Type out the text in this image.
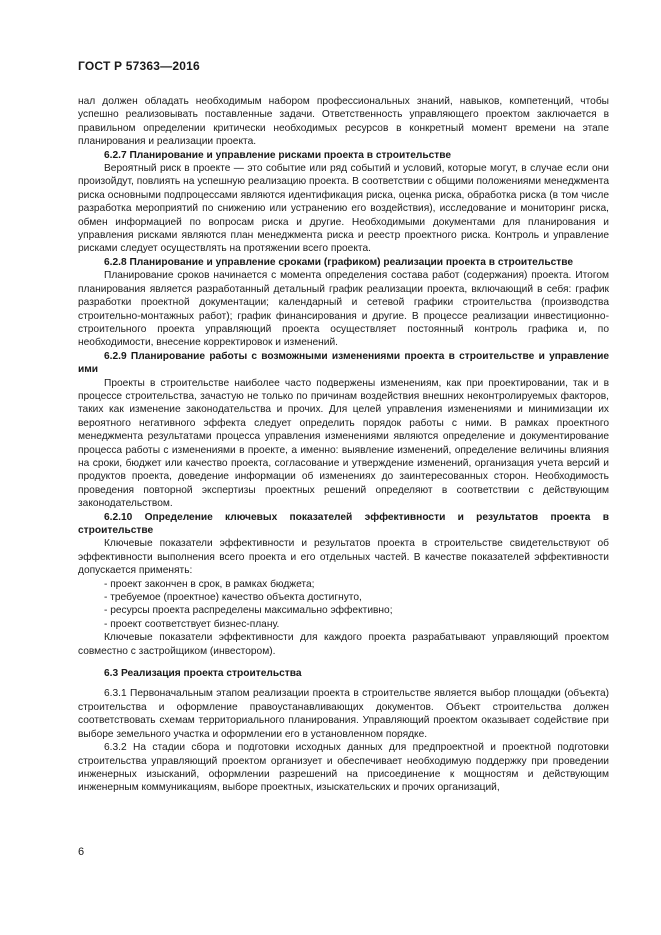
ГОСТ Р 57363—2016

нал должен обладать необходимым набором профессиональных знаний, навыков, компетенций, чтобы успешно реализовывать поставленные задачи. Ответственность управляющего проектом заключается в правильном определении критически необходимых ресурсов в конкретный момент времени на этапе планирования и реализации проекта.

6.2.7 Планирование и управление рисками проекта в строительстве

Вероятный риск в проекте — это событие или ряд событий и условий, которые могут, в случае если они произойдут, повлиять на успешную реализацию проекта. В соответствии с общими положениями менеджмента риска основными подпроцессами являются идентификация риска, оценка риска, обработка риска (в том числе разработка мероприятий по снижению или устранению его воздействия), исследование и мониторинг риска, обмен информацией по вопросам риска и другие. Необходимыми документами для планирования и управления рисками являются план менеджмента риска и реестр проектного риска. Контроль и управление рисками следует осуществлять на протяжении всего проекта.

6.2.8 Планирование и управление сроками (графиком) реализации проекта в строительстве

Планирование сроков начинается с момента определения состава работ (содержания) проекта. Итогом планирования является разработанный детальный график реализации проекта, включающий в себя: график разработки проектной документации; календарный и сетевой графики строительства (производства строительно-монтажных работ); график финансирования и другие. В процессе реализации инвестиционно-строительного проекта управляющий проекта осуществляет постоянный контроль графика и, по необходимости, внесение корректировок и изменений.

6.2.9 Планирование работы с возможными изменениями проекта в строительстве и управление ими

Проекты в строительстве наиболее часто подвержены изменениям, как при проектировании, так и в процессе строительства, зачастую не только по причинам воздействия внешних неконтролируемых факторов, таких как изменение законодательства и прочих. Для целей управления изменениями и минимизации их вероятного негативного эффекта следует определить порядок работы с ними. В рамках проектного менеджмента результатами процесса управления изменениями являются определение и документирование процесса работы с изменениями в проекте, а именно: выявление изменений, определение величины влияния на сроки, бюджет или качество проекта, согласование и утверждение изменений, организация учета версий и продуктов проекта, доведение информации об изменениях до заинтересованных сторон. Необходимость проведения повторной экспертизы проектных решений определяют в соответствии с действующим законодательством.

6.2.10 Определение ключевых показателей эффективности и результатов проекта в строительстве

Ключевые показатели эффективности и результатов проекта в строительстве свидетельствуют об эффективности выполнения всего проекта и его отдельных частей. В качестве показателей эффективности допускается применять:

- проект закончен в срок, в рамках бюджета;

- требуемое (проектное) качество объекта достигнуто,

- ресурсы проекта распределены максимально эффективно;

- проект соответствует бизнес-плану.

Ключевые показатели эффективности для каждого проекта разрабатывают управляющий проектом совместно с застройщиком (инвестором).

6.3 Реализация проекта строительства

6.3.1 Первоначальным этапом реализации проекта в строительстве является выбор площадки (объекта) строительства и оформление правоустанавливающих документов. Объект строительства должен соответствовать схемам территориального планирования. Управляющий проектом оказывает содействие при выборе земельного участка и оформлении его в установленном порядке.

6.3.2 На стадии сбора и подготовки исходных данных для предпроектной и проектной подготовки строительства управляющий проектом организует и обеспечивает необходимую поддержку при проведении инженерных изысканий, оформлении разрешений на присоединение к мощностям и действующим инженерным коммуникациям, выборе проектных, изыскательских и прочих организаций,

6
